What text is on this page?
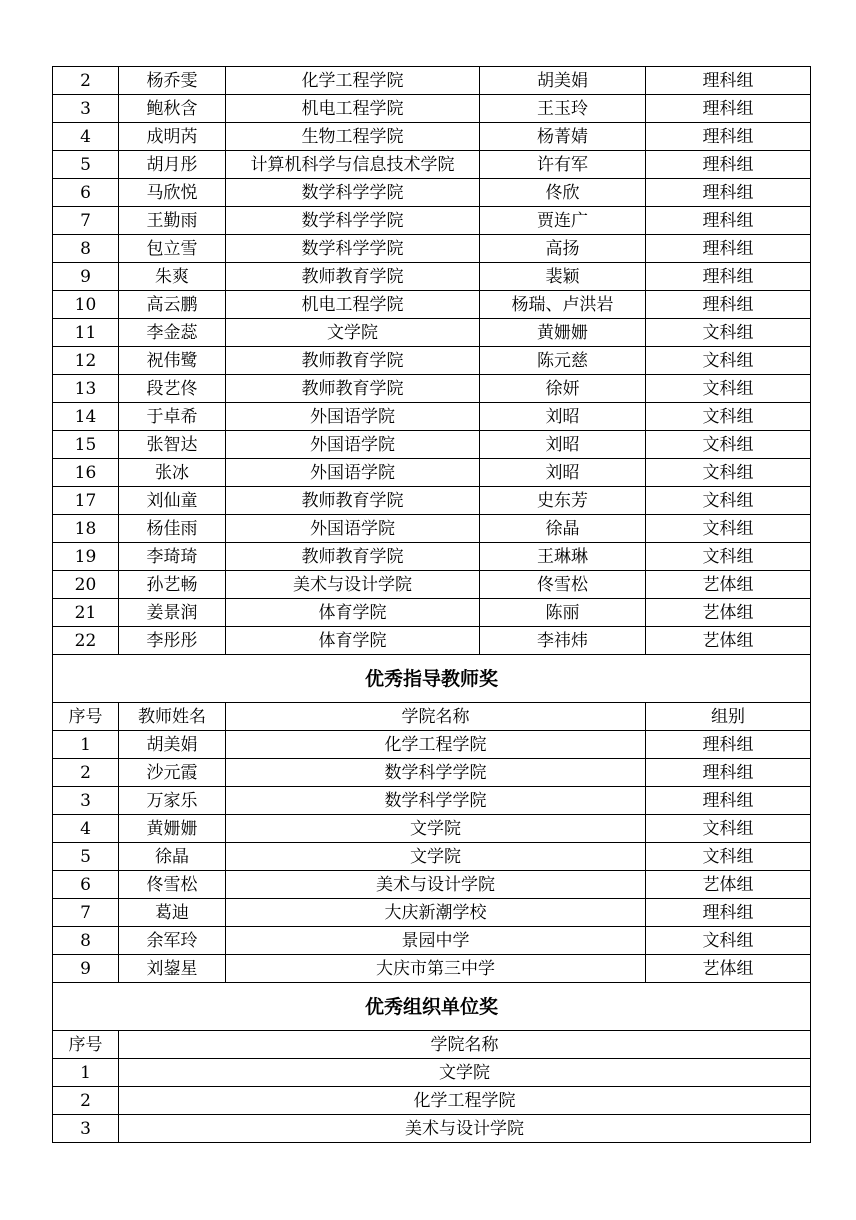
2	杨乔雯	化学工程学院	胡美娟	理科组
3	鲍秋含	机电工程学院	王玉玲	理科组
4	成明芮	生物工程学院	杨菁婧	理科组
5	胡月彤	计算机科学与信息技术学院	许有军	理科组
6	马欣悦	数学科学学院	佟欣	理科组
7	王勤雨	数学科学学院	贾连广	理科组
8	包立雪	数学科学学院	高扬	理科组
9	朱爽	教师教育学院	裴颖	理科组
10	高云鹏	机电工程学院	杨瑞、卢洪岩	理科组
11	李金蕊	文学院	黄姗姗	文科组
12	祝伟鹭	教师教育学院	陈元慈	文科组
13	段艺佟	教师教育学院	徐妍	文科组
14	于卓希	外国语学院	刘昭	文科组
15	张智达	外国语学院	刘昭	文科组
16	张冰	外国语学院	刘昭	文科组
17	刘仙童	教师教育学院	史东芳	文科组
18	杨佳雨	外国语学院	徐晶	文科组
19	李琦琦	教师教育学院	王琳琳	文科组
20	孙艺畅	美术与设计学院	佟雪松	艺体组
21	姜景润	体育学院	陈丽	艺体组
22	李彤彤	体育学院	李祎炜	艺体组
优秀指导教师奖				
序号	教师姓名	学院名称		组别
1	胡美娟	化学工程学院		理科组
2	沙元霞	数学科学学院		理科组
3	万家乐	数学科学学院		理科组
4	黄姗姗	文学院		文科组
5	徐晶	文学院		文科组
6	佟雪松	美术与设计学院		艺体组
7	葛迪	大庆新潮学校		理科组
8	余军玲	景园中学		文科组
9	刘鋆星	大庆市第三中学		艺体组
优秀组织单位奖				
序号	学院名称			
1	文学院			
2	化学工程学院			
3	美术与设计学院			
